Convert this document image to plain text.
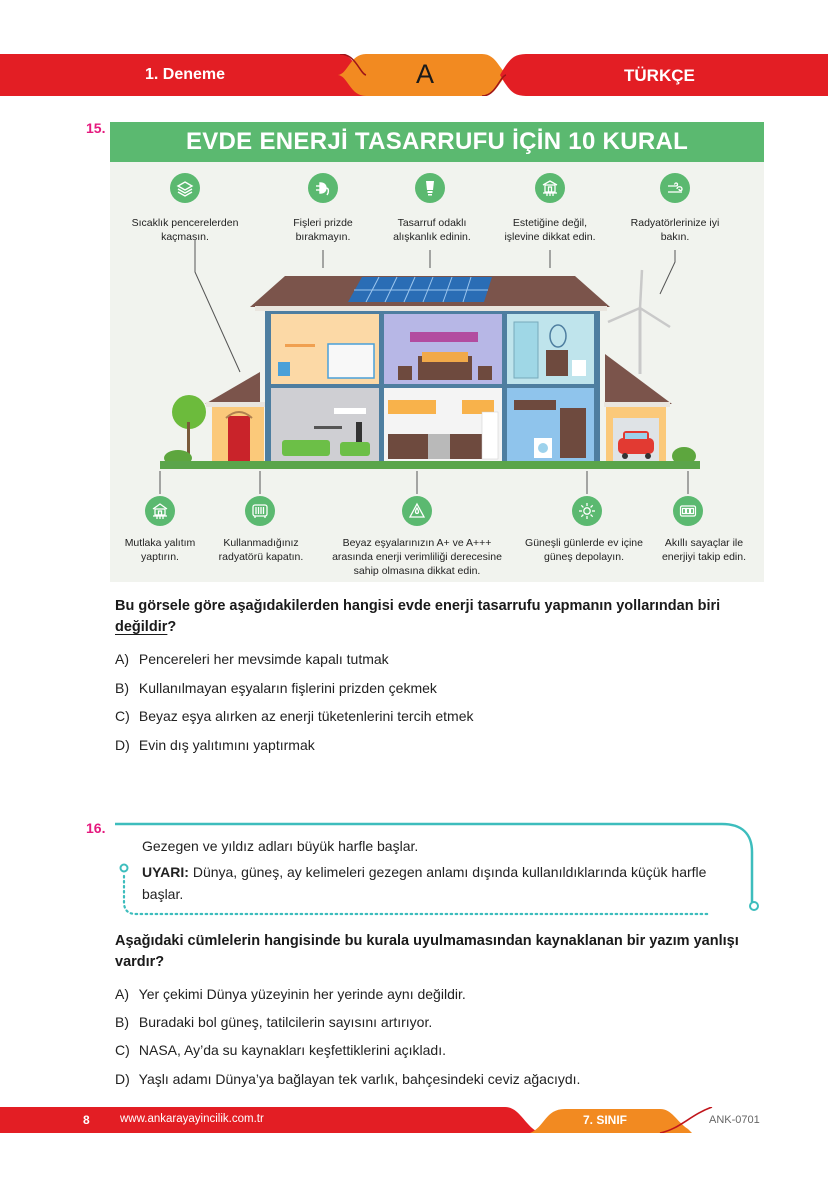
1. Deneme	A	TÜRKÇE
15.	EVDE ENERJİ TASARRUFU İÇİN 10 KURAL
Sıcaklık pencerelerden kaçmasın.
Fişleri prizde bırakmayın.
Tasarruf odaklı alışkanlık edinin.
Estetiğine değil, işlevine dikkat edin.
Radyatörlerinize iyi bakın.
Mutlaka yalıtım yaptırın.
Kullanmadığınız radyatörü kapatın.
Beyaz eşyalarınızın A+ ve A+++ arasında enerji verimliliği derecesine sahip olmasına dikkat edin.
Güneşli günlerde ev içine güneş depolayın.
Akıllı sayaçlar ile enerjiyi takip edin.
Bu görsele göre aşağıdakilerden hangisi evde enerji tasarrufu yapmanın yollarından biri değildir?
A) Pencereleri her mevsimde kapalı tutmak
B) Kullanılmayan eşyaların fişlerini prizden çekmek
C) Beyaz eşya alırken az enerji tüketenlerini tercih etmek
D) Evin dış yalıtımını yaptırmak
16.
Gezegen ve yıldız adları büyük harfle başlar.
UYARI: Dünya, güneş, ay kelimeleri gezegen anlamı dışında kullanıldıklarında küçük harfle başlar.
Aşağıdaki cümlelerin hangisinde bu kurala uyulmamasından kaynaklanan bir yazım yanlışı vardır?
A) Yer çekimi Dünya yüzeyinin her yerinde aynı değildir.
B) Buradaki bol güneş, tatilcilerin sayısını artırıyor.
C) NASA, Ay’da su kaynakları keşfettiklerini açıkladı.
D) Yaşlı adamı Dünya’ya bağlayan tek varlık, bahçesindeki ceviz ağacıydı.
8	www.ankarayayincilik.com.tr	7. SINIF	ANK-0701
